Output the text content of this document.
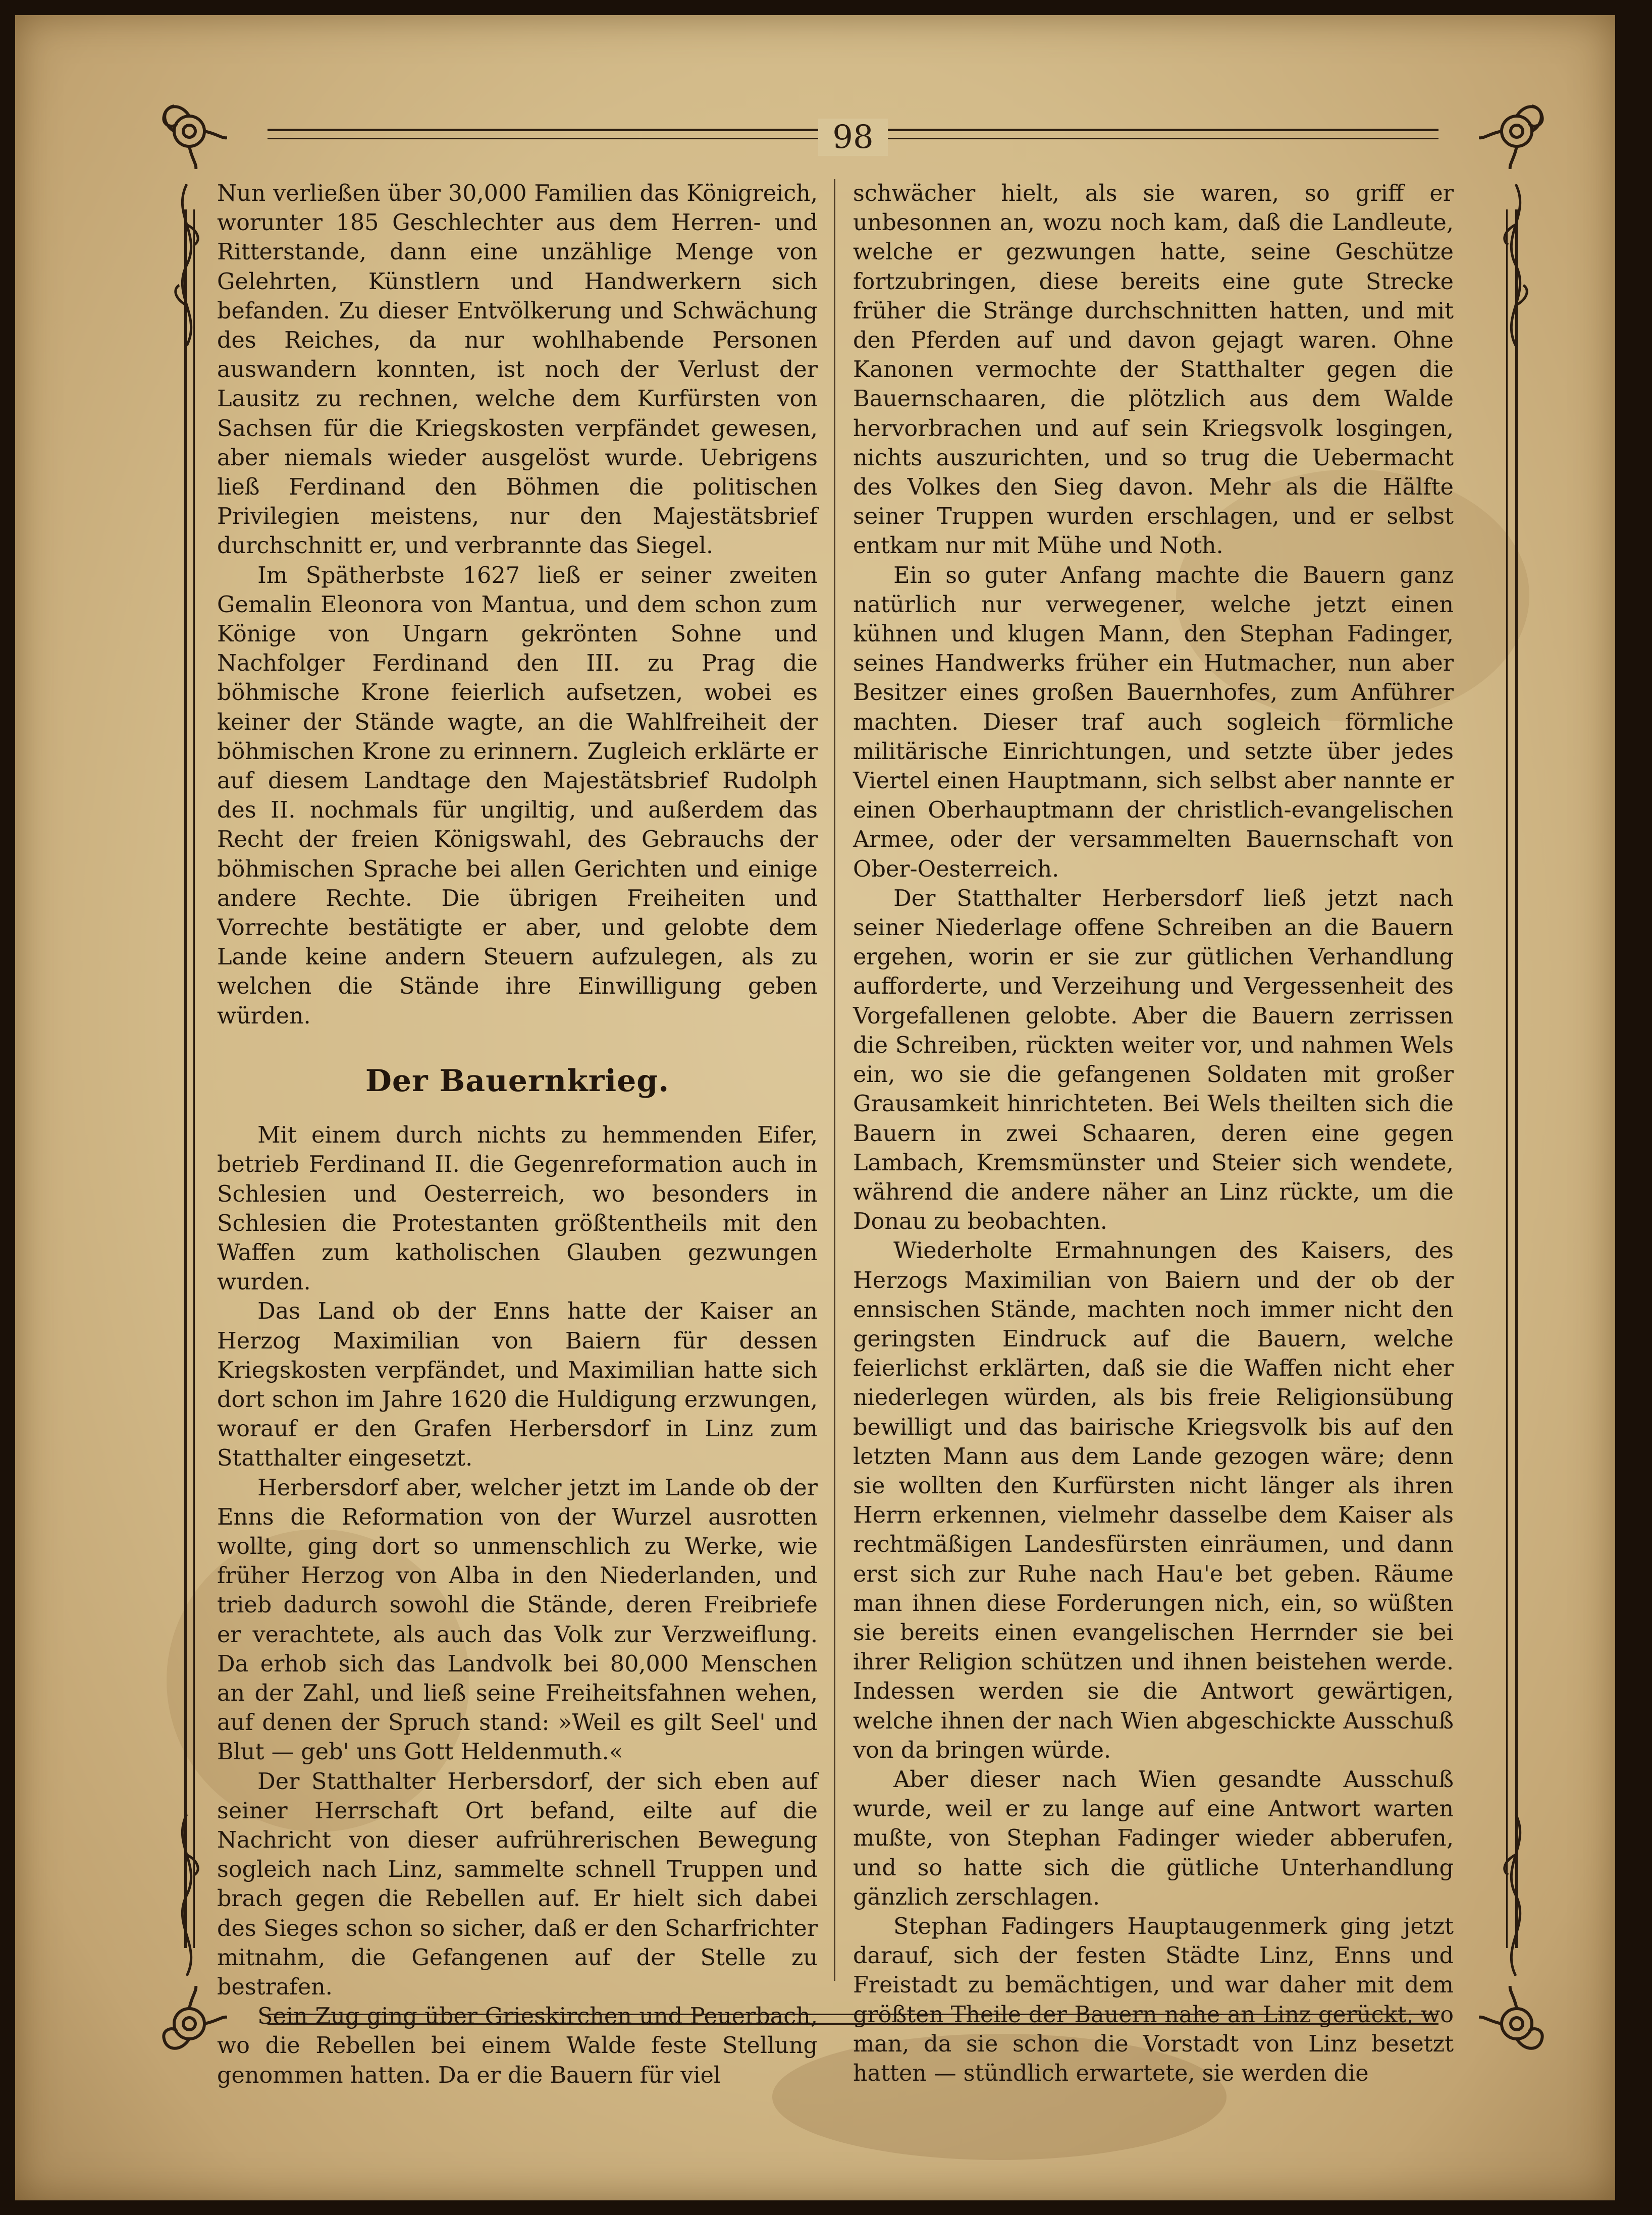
98

Nun verließen über 30,000 Familien das Königreich, worunter 185 Geschlechter aus dem Herren- und Ritterstande, dann eine unzählige Menge von Gelehrten, Künstlern und Handwerkern sich befanden. Zu dieser Entvölkerung und Schwächung des Reiches, da nur wohlhabende Personen auswandern konnten, ist noch der Verlust der Lausitz zu rechnen, welche dem Kurfürsten von Sachsen für die Kriegskosten verpfändet gewesen, aber niemals wieder ausgelöst wurde. Uebrigens ließ Ferdinand den Böhmen die politischen Privilegien meistens, nur den Majestätsbrief durchschnitt er, und verbrannte das Siegel.

Im Spätherbste 1627 ließ er seiner zweiten Gemalin Eleonora von Mantua, und dem schon zum Könige von Ungarn gekrönten Sohne und Nachfolger Ferdinand den III. zu Prag die böhmische Krone feierlich aufsetzen, wobei es keiner der Stände wagte, an die Wahlfreiheit der böhmischen Krone zu erinnern. Zugleich erklärte er auf diesem Landtage den Majestätsbrief Rudolph des II. nochmals für ungiltig, und außerdem das Recht der freien Königswahl, des Gebrauchs der böhmischen Sprache bei allen Gerichten und einige andere Rechte. Die übrigen Freiheiten und Vorrechte bestätigte er aber, und gelobte dem Lande keine andern Steuern aufzulegen, als zu welchen die Stände ihre Einwilligung geben würden.

Der Bauernkrieg.

Mit einem durch nichts zu hemmenden Eifer, betrieb Ferdinand II. die Gegenreformation auch in Schlesien und Oesterreich, wo besonders in Schlesien die Protestanten größtentheils mit den Waffen zum katholischen Glauben gezwungen wurden.

Das Land ob der Enns hatte der Kaiser an Herzog Maximilian von Baiern für dessen Kriegskosten verpfändet, und Maximilian hatte sich dort schon im Jahre 1620 die Huldigung erzwungen, worauf er den Grafen Herbersdorf in Linz zum Statthalter eingesetzt.

Herbersdorf aber, welcher jetzt im Lande ob der Enns die Reformation von der Wurzel ausrotten wollte, ging dort so unmenschlich zu Werke, wie früher Herzog von Alba in den Niederlanden, und trieb dadurch sowohl die Stände, deren Freibriefe er verachtete, als auch das Volk zur Verzweiflung. Da erhob sich das Landvolk bei 80,000 Menschen an der Zahl, und ließ seine Freiheitsfahnen wehen, auf denen der Spruch stand: »Weil es gilt Seel' und Blut — geb' uns Gott Heldenmuth.«

Der Statthalter Herbersdorf, der sich eben auf seiner Herrschaft Ort befand, eilte auf die Nachricht von dieser aufrührerischen Bewegung sogleich nach Linz, sammelte schnell Truppen und brach gegen die Rebellen auf. Er hielt sich dabei des Sieges schon so sicher, daß er den Scharfrichter mitnahm, die Gefangenen auf der Stelle zu bestrafen.

Sein Zug ging über Grieskirchen und Peuerbach, wo die Rebellen bei einem Walde feste Stellung genommen hatten. Da er die Bauern für viel

schwächer hielt, als sie waren, so griff er unbesonnen an, wozu noch kam, daß die Landleute, welche er gezwungen hatte, seine Geschütze fortzubringen, diese bereits eine gute Strecke früher die Stränge durchschnitten hatten, und mit den Pferden auf und davon gejagt waren. Ohne Kanonen vermochte der Statthalter gegen die Bauernschaaren, die plötzlich aus dem Walde hervorbrachen und auf sein Kriegsvolk losgingen, nichts auszurichten, und so trug die Uebermacht des Volkes den Sieg davon. Mehr als die Hälfte seiner Truppen wurden erschlagen, und er selbst entkam nur mit Mühe und Noth.

Ein so guter Anfang machte die Bauern ganz natürlich nur verwegener, welche jetzt einen kühnen und klugen Mann, den Stephan Fadinger, seines Handwerks früher ein Hutmacher, nun aber Besitzer eines großen Bauernhofes, zum Anführer machten. Dieser traf auch sogleich förmliche militärische Einrichtungen, und setzte über jedes Viertel einen Hauptmann, sich selbst aber nannte er einen Oberhauptmann der christlich-evangelischen Armee, oder der versammelten Bauernschaft von Ober-Oesterreich.

Der Statthalter Herbersdorf ließ jetzt nach seiner Niederlage offene Schreiben an die Bauern ergehen, worin er sie zur gütlichen Verhandlung aufforderte, und Verzeihung und Vergessenheit des Vorgefallenen gelobte. Aber die Bauern zerrissen die Schreiben, rückten weiter vor, und nahmen Wels ein, wo sie die gefangenen Soldaten mit großer Grausamkeit hinrichteten. Bei Wels theilten sich die Bauern in zwei Schaaren, deren eine gegen Lambach, Kremsmünster und Steier sich wendete, während die andere näher an Linz rückte, um die Donau zu beobachten.

Wiederholte Ermahnungen des Kaisers, des Herzogs Maximilian von Baiern und der ob der ennsischen Stände, machten noch immer nicht den geringsten Eindruck auf die Bauern, welche feierlichst erklärten, daß sie die Waffen nicht eher niederlegen würden, als bis freie Religionsübung bewilligt und das bairische Kriegsvolk bis auf den letzten Mann aus dem Lande gezogen wäre; denn sie wollten den Kurfürsten nicht länger als ihren Herrn erkennen, vielmehr dasselbe dem Kaiser als rechtmäßigen Landesfürsten einräumen, und dann erst sich zur Ruhe nach Hau'e bet geben. Räume man ihnen diese Forderungen nich, ein, so wüßten sie bereits einen evangelischen Herrnder sie bei ihrer Religion schützen und ihnen beistehen werde. Indessen werden sie die Antwort gewärtigen, welche ihnen der nach Wien abgeschickte Ausschuß von da bringen würde.

Aber dieser nach Wien gesandte Ausschuß wurde, weil er zu lange auf eine Antwort warten mußte, von Stephan Fadinger wieder abberufen, und so hatte sich die gütliche Unterhandlung gänzlich zerschlagen.

Stephan Fadingers Hauptaugenmerk ging jetzt darauf, sich der festen Städte Linz, Enns und Freistadt zu bemächtigen, und war daher mit dem größten Theile der Bauern nahe an Linz gerückt, wo man, da sie schon die Vorstadt von Linz besetzt hatten — stündlich erwartete, sie werden die
